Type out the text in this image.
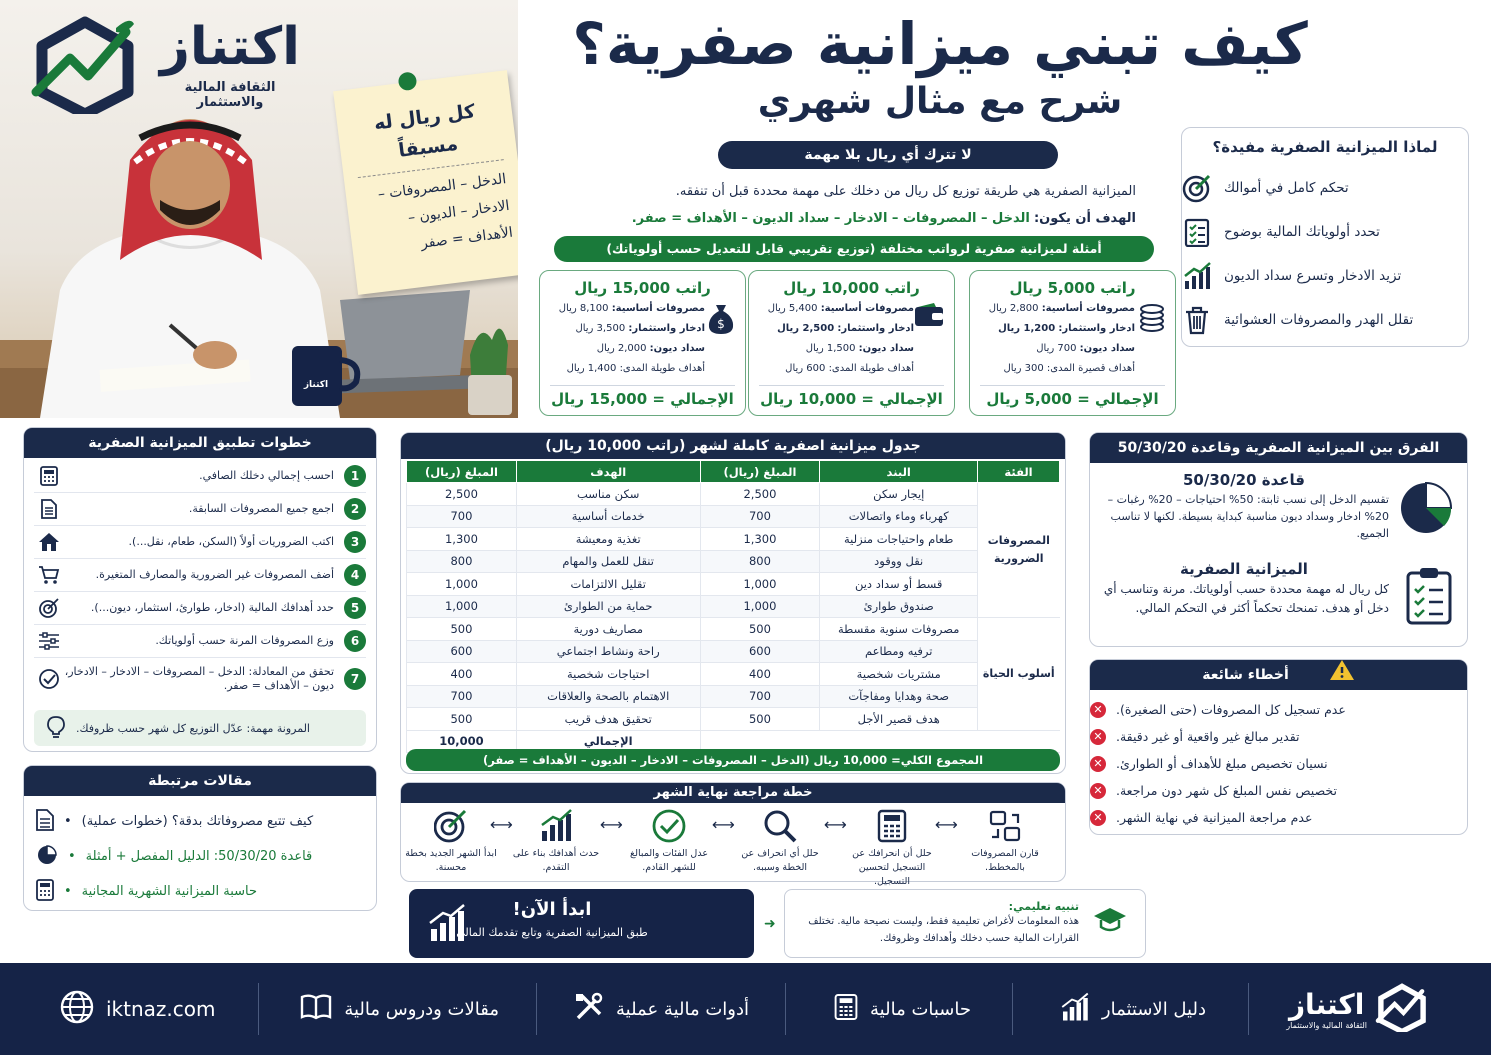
اكتناز
الثقافة المالية والاستثمار
اكتناز
كل ريال له مسبقاً
الدخل – المصروفات – الادخار – الديون – الأهداف = صفر
كيف تبني ميزانية صفرية؟
شرح مع مثال شهري
لا تترك أي ريال بلا مهمة
الميزانية الصفرية هي طريقة توزيع كل ريال من دخلك على مهمة محددة قبل أن تنفقه.
الهدف أن يكون: الدخل – المصروفات – الادخار – سداد الديون – الأهداف = صفر.
أمثلة لميزانية صفرية لرواتب مختلفة (توزيع تقريبي قابل للتعديل حسب أولوياتك)
راتب 5,000 ريال
مصروفات أساسية: 2,800 ريال
ادخار واستثمار: 1,200 ريال
سداد ديون: 700 ريال
أهداف قصيرة المدى: 300 ريال
الإجمالي = 5,000 ريال
راتب 10,000 ريال
مصروفات أساسية: 5,400 ريال
ادخار واستثمار: 2,500 ريال
سداد ديون: 1,500 ريال
أهداف طويلة المدى: 600 ريال
الإجمالي = 10,000 ريال
راتب 15,000 ريال
$
مصروفات أساسية: 8,100 ريال
ادخار واستثمار: 3,500 ريال
سداد ديون: 2,000 ريال
أهداف طويلة المدى: 1,400 ريال
الإجمالي = 15,000 ريال
لماذا الميزانية الصفرية مفيدة؟
تحكم كامل في أموالك
تحدد أولوياتك المالية بوضوح
تزيد الادخار وتسرع سداد الديون
تقلل الهدر والمصروفات العشوائية
خطوات تطبيق الميزانية الصفرية
1
احسب إجمالي دخلك الصافي.
2
اجمع جميع المصروفات السابقة.
3
اكتب الضروريات أولاً (السكن، طعام، نقل...).
4
أضف المصروفات غير الضرورية والمصارف المتغيرة.
5
حدد أهدافك المالية (ادخار، طوارئ، استثمار، ديون...).
6
وزع المصروفات المرنة حسب أولوياتك.
7
تحقق من المعادلة: الدخل – المصروفات – الادخار – الادخار، ديون – الأهداف = صفر.
المرونة مهمة: عدّل التوزيع كل شهر حسب ظروفك.
مقالات مرتبطة
كيف تتبع مصروفاتك بدقة؟ (خطوات عملية)
•
قاعدة 50/30/20: الدليل المفصل + أمثلة
•
حاسبة الميزانية الشهرية المجانية
•
جدول ميزانية اصفرية كاملة لشهر (راتب 10,000 ريال)
الفئة	البند	المبلغ (ريال)	الهدف	المبلغ (ريال)
المصروفات الضرورية	إيجار سكن	2,500	سكن مناسب	2,500
	كهرباء وماء واتصالات	700	خدمات أساسية	700
	طعام واحتياجات منزلية	1,300	تغذية ومعيشة	1,300
	نقل ووقود	800	تنقل للعمل والمهام	800
	قسط أو سداد دين	1,000	تقليل الالتزامات	1,000
	صندوق طوارئ	1,000	حماية من الطوارئ	1,000
أسلوب الحياة	مصروفات سنوية مقسطة	500	مصاريف دورية	500
	ترفيه ومطاعم	600	راحة ونشاط اجتماعي	600
	مشتريات شخصية	400	احتياجات شخصية	400
	صحة وهدايا ومفاجآت	700	الاهتمام بالصحة والعلاقات	700
	هدف قصير الأجل	500	تحقيق هدف قريب	500
			الإجمالي	10,000
المجموع الكلي= 10,000 ريال (الدخل – المصروفات – الادخار – الديون – الأهداف = صفر)
الفرق بين الميزانية الصفرية وقاعدة 50/30/20
قاعدة 50/30/20
تقسيم الدخل إلى نسب ثابتة: 50% احتياجات – 20% رغبات – 20% ادخار وسداد ديون مناسبة كبداية بسيطة. لكنها لا تناسب الجميع.
الميزانية الصفرية
كل ريال له مهمة محددة حسب أولوياتك. مرنة وتناسب أي دخل أو هدف. تمنحك تحكماً أكثر في التحكم المالي.
أخطاء شائعة
عدم تسجيل كل المصروفات (حتى الصغيرة).
✕
تقدير مبالغ غير واقعية أو غير دقيقة.
✕
نسيان تخصيص مبلغ للأهداف أو الطوارئ.
✕
تخصيص نفس المبلغ كل شهر دون مراجعة.
✕
عدم مراجعة الميزانية في نهاية الشهر.
✕
خطة مراجعة نهاية الشهر
قارن المصروفات بالمخطط.
⟷
حلل أن انحرافك عن التسجيل لتحسين التسجيل.
⟷
حلل أي انحراف عن الخطة وسببه.
⟷
عدل الفئات والمبالغ للشهر القادم.
⟷
حدث أهدافك بناء على التقدم.
⟷
ابدأ الشهر الجديد بخطة محسنة.
ابدأ الآن!
طبق الميزانية الصفرية وتابع تقدمك المالي
➜
تنبيه تعليمي:
هذه المعلومات لأغراض تعليمية فقط، وليست نصيحة مالية. تختلف القرارات المالية حسب دخلك وأهدافك وظروفك.
اكتناز
الثقافة المالية والاستثمار
دليل الاستثمار
حاسبات مالية
أدوات مالية عملية
مقالات ودروس مالية
iktnaz.com
